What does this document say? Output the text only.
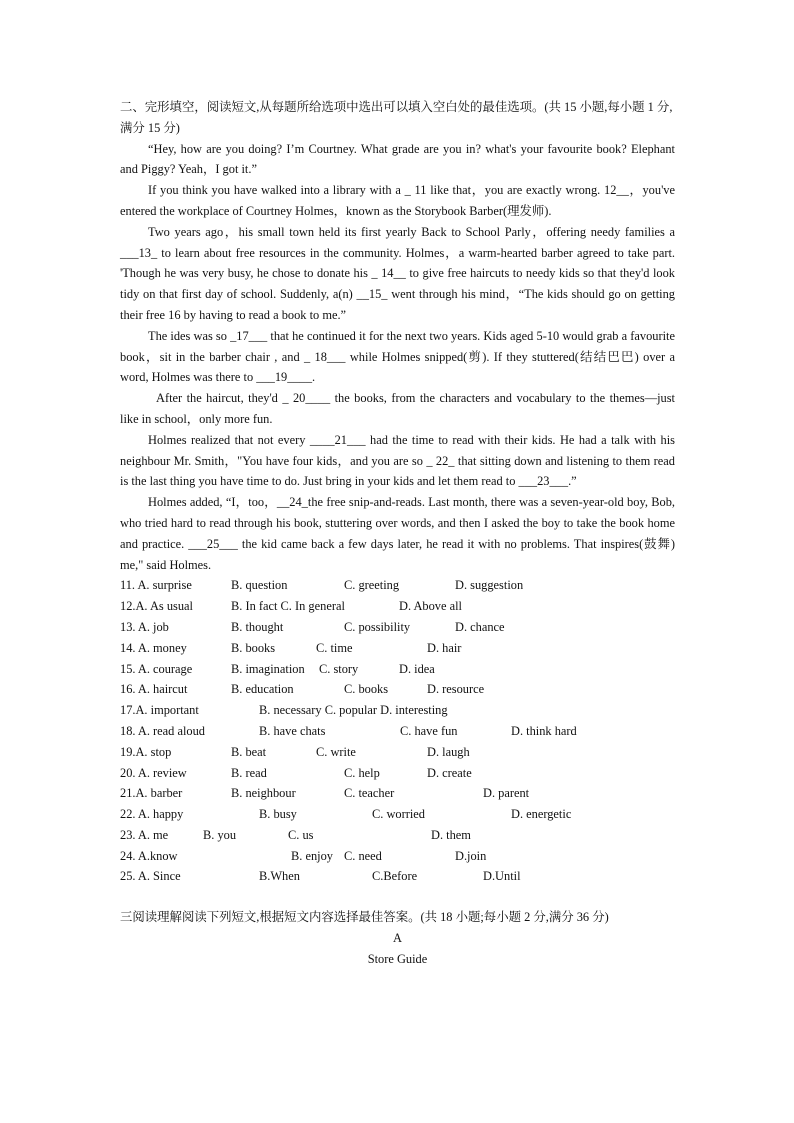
二、完形填空，阅读短文,从每题所给选项中选出可以填入空白处的最佳选项。(共 15 小题,每小题 1 分,满分 15 分)

“Hey, how are you doing? I’m Courtney. What grade are you in? what's your favourite book? Elephant and Piggy? Yeah，I got it.”

If you think you have walked into a library with a _ 11 like that，you are exactly wrong. 12__，you've entered the workplace of Courtney Holmes，known as the Storybook Barber(理发师).

Two years ago，his small town held its first yearly Back to School Parly，offering needy families a ___13_ to learn about free resources in the community. Holmes，a warm-hearted barber agreed to take part. 'Though he was very busy, he chose to donate his _ 14__ to give free haircuts to needy kids so that they'd look tidy on that first day of school. Suddenly, a(n) __15_ went through his mind，“The kids should go on getting their free 16 by having to read a book to me.”

The ides was so _17___ that he continued it for the next two years. Kids aged 5-10 would grab a favourite book，sit in the barber chair , and _ 18___ while Holmes snipped(剪). If they stuttered(结结巴巴) over a word, Holmes was there to ___19____.

After the haircut, they'd _ 20____ the books, from the characters and vocabulary to the themes—just like in school，only more fun.

Holmes realized that not every ____21___ had the time to read with their kids. He had a talk with his neighbour Mr. Smith，"You have four kids，and you are so _ 22_ that sitting down and listening to them read is the last thing you have time to do. Just bring in your kids and let them read to ___23___.”

Holmes added, “I，too，__24_the free snip-and-reads. Last month, there was a seven-year-old boy, Bob, who tried hard to read through his book, stuttering over words, and then I asked the boy to take the book home and practice. ___25___ the kid came back a few days later, he read it with no problems. That inspires(鼓舞) me," said Holmes.

11. A. surprise	B. question	C. greeting	D. suggestion
12.A. As usual	B. In fact C. In general	D. Above all
13. A. job	B. thought	C. possibility	D. chance
14. A. money	B. books	C. time	D. hair
15. A. courage	B. imagination C. story	D. idea
16. A. haircut	B. education	C. books	D. resource
17.A. important	B. necessary C. popular D. interesting
18. A. read aloud	B. have chats	C. have fun	D. think hard
19.A. stop	B. beat	C. write	D. laugh
20. A. review	B. read	C. help	D. create
21.A. barber	B. neighbour	C. teacher	D. parent
22. A. happy	B. busy	C. worried	D. energetic
23. A. me	B. you	C. us	D. them
24. A.know	B. enjoy C. need	D.join
25. A. Since	B.When	C.Before	D.Until

三阅读理解阅读下列短文,根据短文内容选择最佳答案。(共 18 小题;每小题 2 分,满分 36 分)

A

Store Guide
